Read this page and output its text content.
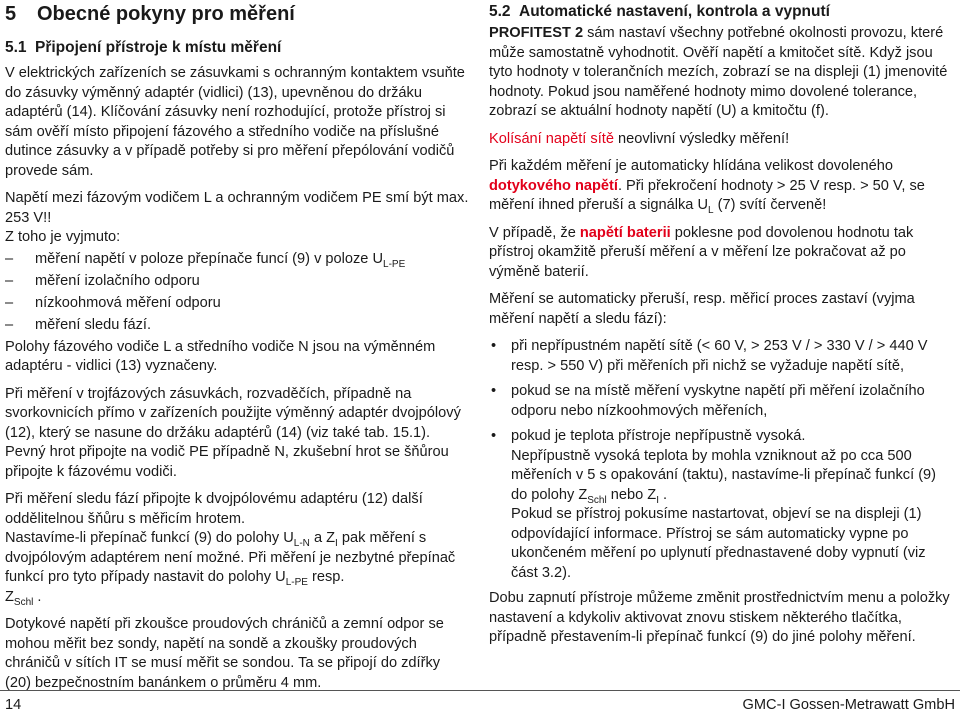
5 Obecné pokyny pro měření
5.1 Připojení přístroje k místu měření

V elektrických zařízeních se zásuvkami s ochranným kontaktem vsuňte do zásuvky výměnný adaptér (vidlici) (13), upevněnou do držáku adaptérů (14). Klíčování zásuvky není rozhodující, protože přístroj si sám ověří místo připojení fázového a středního vodiče na příslušné dutince zásuvky a v případě potřeby si pro měření přepólování vodičů provede sám.

Napětí mezi fázovým vodičem L a ochranným vodičem PE smí být max. 253 V!!

Z toho je vyjmuto:

– měření napětí v poloze přepínače funcí (9) v poloze $U_{L-PE}$
– měření izolačního odporu
– nízkoohmová měření odporu
– měření sledu fází.

Polohy fázového vodiče L a středního vodiče N jsou na výměnném adaptéru - vidlici (13) vyznačeny.

Při měření v trojfázových zásuvkách, rozvaděčích, případně na svorkovnicích přímo v zařízeních použijte výměnný adaptér dvojpólový (12), který se nasune do držáku adaptérů (14) (viz také tab. 15.1). Pevný hrot připojte na vodič PE případně N, zkušební hrot se šňůrou připojte k fázovému vodiči.

Při měření sledu fází připojte k dvojpólovému adaptéru (12) další oddělitelnou šňůru s měřicím hrotem.

Nastavíme-li přepínač funkcí (9) do polohy $U_{L-N}$ a $Z_I$ pak měření s dvojpólovým adaptérem není možné. Při měření je nezbytné přepínač funkcí pro tyto případy nastavit do polohy $U_{L-PE}$ resp.
$Z_{Schl}$ .

Dotykové napětí při zkoušce proudových chráničů a zemní odpor se mohou měřit bez sondy, napětí na sondě a zkoušky proudových chráničů v sítích IT se musí měřit se sondou. Ta se připojí do zdířky (20) bezpečnostním banánkem o průměru 4 mm.

5.2 Automatické nastavení, kontrola a vypnutí

PROFITEST 2 sám nastaví všechny potřebné okolnosti provozu, které může samostatně vyhodnotit. Ověří napětí a kmitočet sítě. Když jsou tyto hodnoty v tolerančních mezích, zobrazí se na displeji (1) jmenovité hodnoty. Pokud jsou naměřené hodnoty mimo dovolené tolerance, zobrazí se aktuální hodnoty napětí (U) a kmitočtu (f).

Kolísání napětí sítě neovlivní výsledky měření!

Při každém měření je automaticky hlídána velikost dovoleného dotykového napětí. Při překročení hodnoty > 25 V resp. > 50 V, se měření ihned přeruší a signálka $U_L$ (7) svítí červeně!

V případě, že napětí baterii poklesne pod dovolenou hodnotu tak přístroj okamžitě přeruší měření a v měření lze pokračovat až po výměně baterií.

Měření se automaticky přeruší, resp. měřicí proces zastaví (vyjma měření napětí a sledu fází):

• při nepřípustném napětí sítě (< 60 V, > 253 V / > 330 V / > 440 V resp. > 550 V) při měřeních při nichž se vyžaduje napětí sítě,
• pokud se na místě měření vyskytne napětí při měření izolačního odporu nebo nízkoohmových měřeních,
• pokud je teplota přístroje nepřípustně vysoká.
Nepřípustně vysoká teplota by mohla vzniknout až po cca 500 měřeních v 5 s opakování (taktu), nastavíme-li přepínač funkcí (9) do polohy $Z_{Schl}$ nebo $Z_I$ .
Pokud se přístroj pokusíme nastartovat, objeví se na displeji (1) odpovídající informace. Přístroj se sám automaticky vypne po ukončeném měření po uplynutí přednastavené doby vypnutí (viz část 3.2).

Dobu zapnutí přístroje můžeme změnit prostřednictvím menu a položky nastavení a kdykoliv aktivovat znovu stiskem některého tlačítka, případně přestavením-li přepínač funkcí (9) do jiné polohy měření.

14	GMC-I Gossen-Metrawatt GmbH
